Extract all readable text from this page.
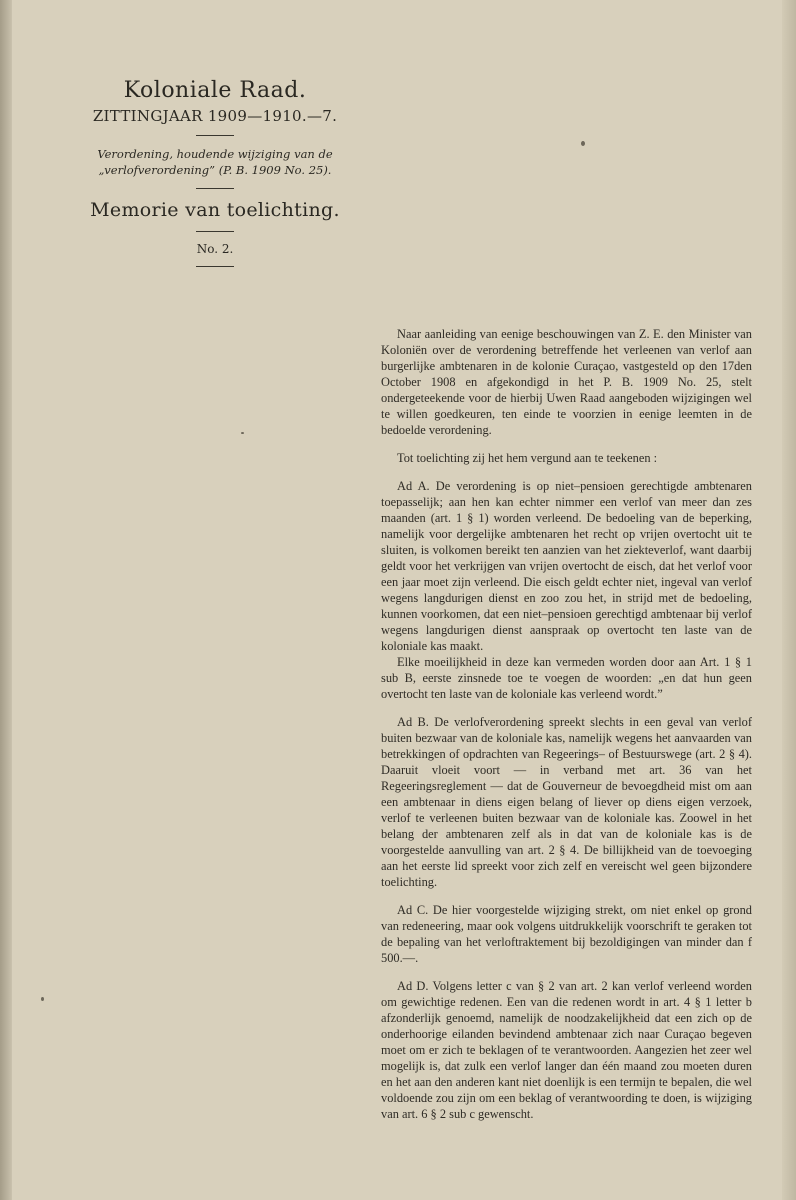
Koloniale Raad.

ZITTINGJAAR 1909—1910.—7.

Verordening, houdende wijziging van de „verlofverordening” (P. B. 1909 No. 25).

Memorie van toelichting.

No. 2.

Naar aanleiding van eenige beschouwingen van Z. E. den Minister van Koloniën over de verordening betreffende het verleenen van verlof aan burgerlijke ambtenaren in de kolonie Curaçao, vastgesteld op den 17den October 1908 en afgekondigd in het P. B. 1909 No. 25, stelt ondergeteekende voor de hierbij Uwen Raad aangeboden wijzigingen wel te willen goedkeuren, ten einde te voorzien in eenige leemten in de bedoelde verordening.

Tot toelichting zij het hem vergund aan te teekenen :

Ad A. De verordening is op niet–pensioen gerechtigde ambtenaren toepasselijk; aan hen kan echter nimmer een verlof van meer dan zes maanden (art. 1 § 1) worden verleend. De bedoeling van de beperking, namelijk voor dergelijke ambtenaren het recht op vrijen overtocht uit te sluiten, is volkomen bereikt ten aanzien van het ziekteverlof, want daarbij geldt voor het verkrijgen van vrijen overtocht de eisch, dat het verlof voor een jaar moet zijn verleend. Die eisch geldt echter niet, ingeval van verlof wegens langdurigen dienst en zoo zou het, in strijd met de bedoeling, kunnen voorkomen, dat een niet–pensioen gerechtigd ambtenaar bij verlof wegens langdurigen dienst aanspraak op overtocht ten laste van de koloniale kas maakt.

Elke moeilijkheid in deze kan vermeden worden door aan Art. 1 § 1 sub B, eerste zinsnede toe te voegen de woorden: „en dat hun geen overtocht ten laste van de koloniale kas verleend wordt.”

Ad B. De verlofverordening spreekt slechts in een geval van verlof buiten bezwaar van de koloniale kas, namelijk wegens het aanvaarden van betrekkingen of opdrachten van Regeerings– of Bestuurswege (art. 2 § 4). Daaruit vloeit voort — in verband met art. 36 van het Regeeringsreglement — dat de Gouverneur de bevoegdheid mist om aan een ambtenaar in diens eigen belang of liever op diens eigen verzoek, verlof te verleenen buiten bezwaar van de koloniale kas. Zoowel in het belang der ambtenaren zelf als in dat van de koloniale kas is de voorgestelde aanvulling van art. 2 § 4. De billijkheid van de toevoeging aan het eerste lid spreekt voor zich zelf en vereischt wel geen bijzondere toelichting.

Ad C. De hier voorgestelde wijziging strekt, om niet enkel op grond van redeneering, maar ook volgens uitdrukkelijk voorschrift te geraken tot de bepaling van het verloftraktement bij bezoldigingen van minder dan f 500.—.

Ad D. Volgens letter c van § 2 van art. 2 kan verlof verleend worden om gewichtige redenen. Een van die redenen wordt in art. 4 § 1 letter b afzonderlijk genoemd, namelijk de noodzakelijkheid dat een zich op de onderhoorige eilanden bevindend ambtenaar zich naar Curaçao begeven moet om er zich te beklagen of te verantwoorden. Aangezien het zeer wel mogelijk is, dat zulk een verlof langer dan één maand zou moeten duren en het aan den anderen kant niet doenlijk is een termijn te bepalen, die wel voldoende zou zijn om een beklag of verantwoording te doen, is wijziging van art. 6 § 2 sub c gewenscht.
